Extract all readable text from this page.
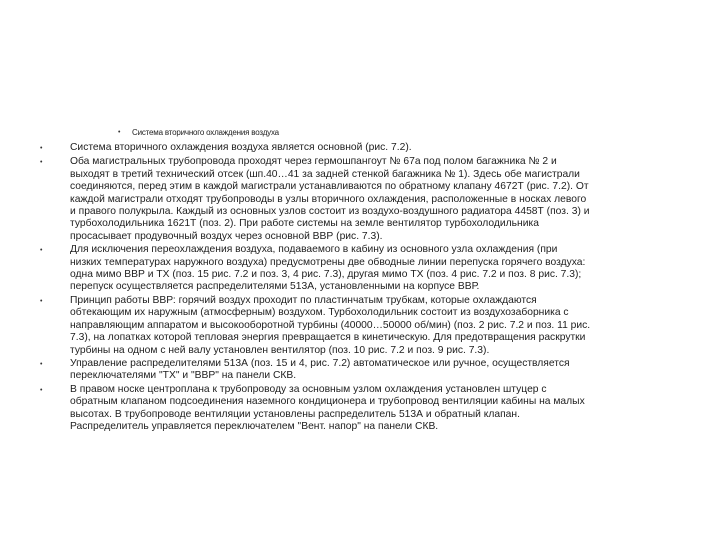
•	Система вторичного охлаждения воздуха
•	Система вторичного охлаждения воздуха является основной (рис. 7.2).
•	Оба магистральных трубопровода проходят через гермошпангоут № 67а под полом багажника № 2 и
выходят в третий технический отсек (шп.40…41 за задней стенкой багажника № 1). Здесь обе магистрали
соединяются, перед этим в каждой магистрали устанавливаются по обратному клапану 4672Т (рис. 7.2). От
каждой магистрали отходят трубопроводы в узлы вторичного охлаждения, расположенные в носках левого
и правого полукрыла. Каждый из основных узлов состоит из воздухо-воздушного радиатора 4458Т (поз. 3) и
турбохолодильника 1621Т (поз. 2). При работе системы на земле вентилятор турбохолодильника
просасывает продувочный воздух через основной ВВР (рис. 7.3).
•	Для исключения переохлаждения воздуха, подаваемого в кабину из основного узла охлаждения (при
низких температурах наружного воздуха) предусмотрены две обводные линии перепуска горячего воздуха:
одна мимо ВВР и ТХ (поз. 15 рис. 7.2 и поз. 3, 4 рис. 7.3), другая мимо ТХ (поз. 4 рис. 7.2 и поз. 8 рис. 7.3);
перепуск осуществляется распределителями 513А, установленными на корпусе ВВР.
•	Принцип работы ВВР: горячий воздух проходит по пластинчатым трубкам, которые охлаждаются
обтекающим их наружным (атмосферным) воздухом. Турбохолодильник состоит из воздухозаборника с
направляющим аппаратом и высокооборотной турбины (40000…50000 об/мин) (поз. 2 рис. 7.2 и поз. 11 рис.
7.3), на лопатках которой тепловая энергия превращается в кинетическую. Для предотвращения раскрутки
турбины на одном с ней валу установлен вентилятор (поз. 10 рис. 7.2 и поз. 9 рис. 7.3).
•	Управление распределителями 513А (поз. 15 и 4, рис. 7.2) автоматическое или ручное, осуществляется
переключателями "ТХ" и "ВВР" на панели СКВ.
•	В правом носке центроплана к трубопроводу за основным узлом охлаждения установлен штуцер с
обратным клапаном подсоединения наземного кондиционера и трубопровод вентиляции кабины на малых
высотах. В трубопроводе вентиляции установлены распределитель 513А и обратный клапан.
Распределитель управляется переключателем "Вент. напор" на панели СКВ.
